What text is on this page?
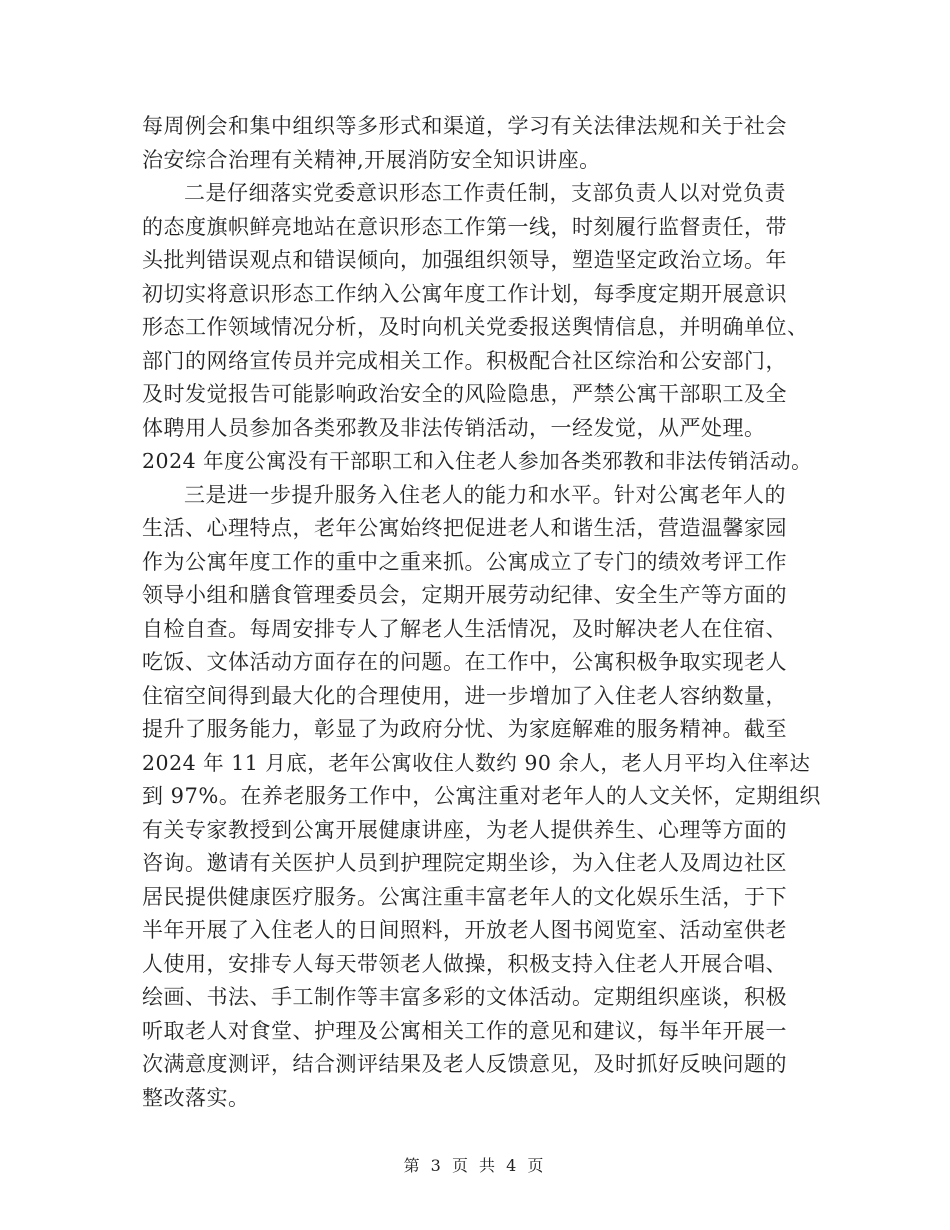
每周例会和集中组织等多形式和渠道，学习有关法律法规和关于社会
治安综合治理有关精神,开展消防安全知识讲座。
二是仔细落实党委意识形态工作责任制，支部负责人以对党负责
的态度旗帜鲜亮地站在意识形态工作第一线，时刻履行监督责任，带
头批判错误观点和错误倾向，加强组织领导，塑造坚定政治立场。年
初切实将意识形态工作纳入公寓年度工作计划，每季度定期开展意识
形态工作领域情况分析，及时向机关党委报送舆情信息，并明确单位、
部门的网络宣传员并完成相关工作。积极配合社区综治和公安部门，
及时发觉报告可能影响政治安全的风险隐患，严禁公寓干部职工及全
体聘用人员参加各类邪教及非法传销活动，一经发觉，从严处理。
2024 年度公寓没有干部职工和入住老人参加各类邪教和非法传销活动。
三是进一步提升服务入住老人的能力和水平。针对公寓老年人的
生活、心理特点，老年公寓始终把促进老人和谐生活，营造温馨家园
作为公寓年度工作的重中之重来抓。公寓成立了专门的绩效考评工作
领导小组和膳食管理委员会，定期开展劳动纪律、安全生产等方面的
自检自查。每周安排专人了解老人生活情况，及时解决老人在住宿、
吃饭、文体活动方面存在的问题。在工作中，公寓积极争取实现老人
住宿空间得到最大化的合理使用，进一步增加了入住老人容纳数量，
提升了服务能力，彰显了为政府分忧、为家庭解难的服务精神。截至
2024 年 11 月底，老年公寓收住人数约 90 余人，老人月平均入住率达
到 97%。在养老服务工作中，公寓注重对老年人的人文关怀，定期组织
有关专家教授到公寓开展健康讲座，为老人提供养生、心理等方面的
咨询。邀请有关医护人员到护理院定期坐诊，为入住老人及周边社区
居民提供健康医疗服务。公寓注重丰富老年人的文化娱乐生活，于下
半年开展了入住老人的日间照料，开放老人图书阅览室、活动室供老
人使用，安排专人每天带领老人做操，积极支持入住老人开展合唱、
绘画、书法、手工制作等丰富多彩的文体活动。定期组织座谈，积极
听取老人对食堂、护理及公寓相关工作的意见和建议，每半年开展一
次满意度测评，结合测评结果及老人反馈意见，及时抓好反映问题的
整改落实。
第 3 页 共 4 页
